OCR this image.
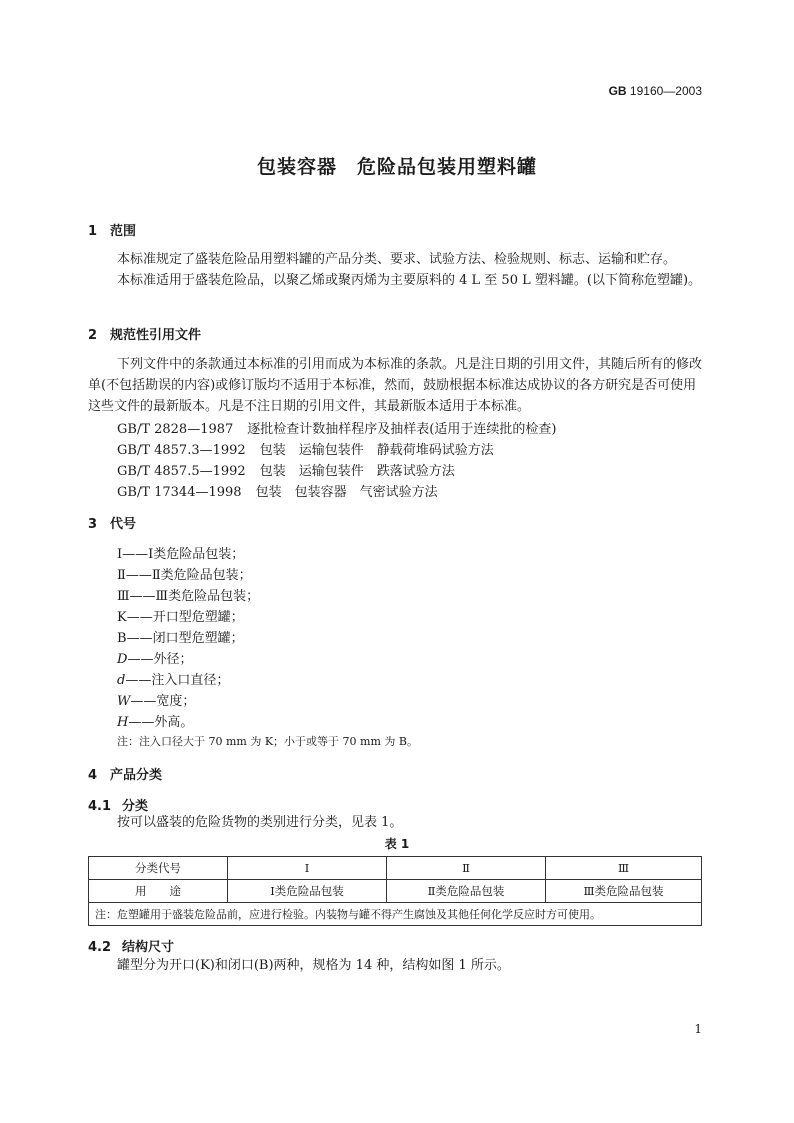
GB 19160—2003
包装容器　危险品包装用塑料罐
1 范围
本标准规定了盛装危险品用塑料罐的产品分类、要求、试验方法、检验规则、标志、运输和贮存。
本标准适用于盛装危险品，以聚乙烯或聚丙烯为主要原料的 4 L 至 50 L 塑料罐。(以下简称危塑罐)。
2 规范性引用文件
下列文件中的条款通过本标准的引用而成为本标准的条款。凡是注日期的引用文件，其随后所有的修改单(不包括勘误的内容)或修订版均不适用于本标准，然而，鼓励根据本标准达成协议的各方研究是否可使用这些文件的最新版本。凡是不注日期的引用文件，其最新版本适用于本标准。
GB/T 2828—1987 逐批检查计数抽样程序及抽样表(适用于连续批的检查)
GB/T 4857.3—1992 包装　运输包装件　静载荷堆码试验方法
GB/T 4857.5—1992 包装　运输包装件　跌落试验方法
GB/T 17344—1998 包装　包装容器　气密试验方法
3 代号
Ⅰ——Ⅰ类危险品包装；
Ⅱ——Ⅱ类危险品包装；
Ⅲ——Ⅲ类危险品包装；
K——开口型危塑罐；
B——闭口型危塑罐；
D——外径；
d——注入口直径；
W——宽度；
H——外高。
注：注入口径大于 70 mm 为 K；小于或等于 70 mm 为 B。
4 产品分类
4.1 分类
按可以盛装的危险货物的类别进行分类，见表 1。
表 1
分类代号	Ⅰ	Ⅱ	Ⅲ
用　　途	Ⅰ类危险品包装	Ⅱ类危险品包装	Ⅲ类危险品包装
注：危塑罐用于盛装危险品前，应进行检验。内装物与罐不得产生腐蚀及其他任何化学反应时方可使用。			
4.2 结构尺寸
罐型分为开口(K)和闭口(B)两种，规格为 14 种，结构如图 1 所示。
1
